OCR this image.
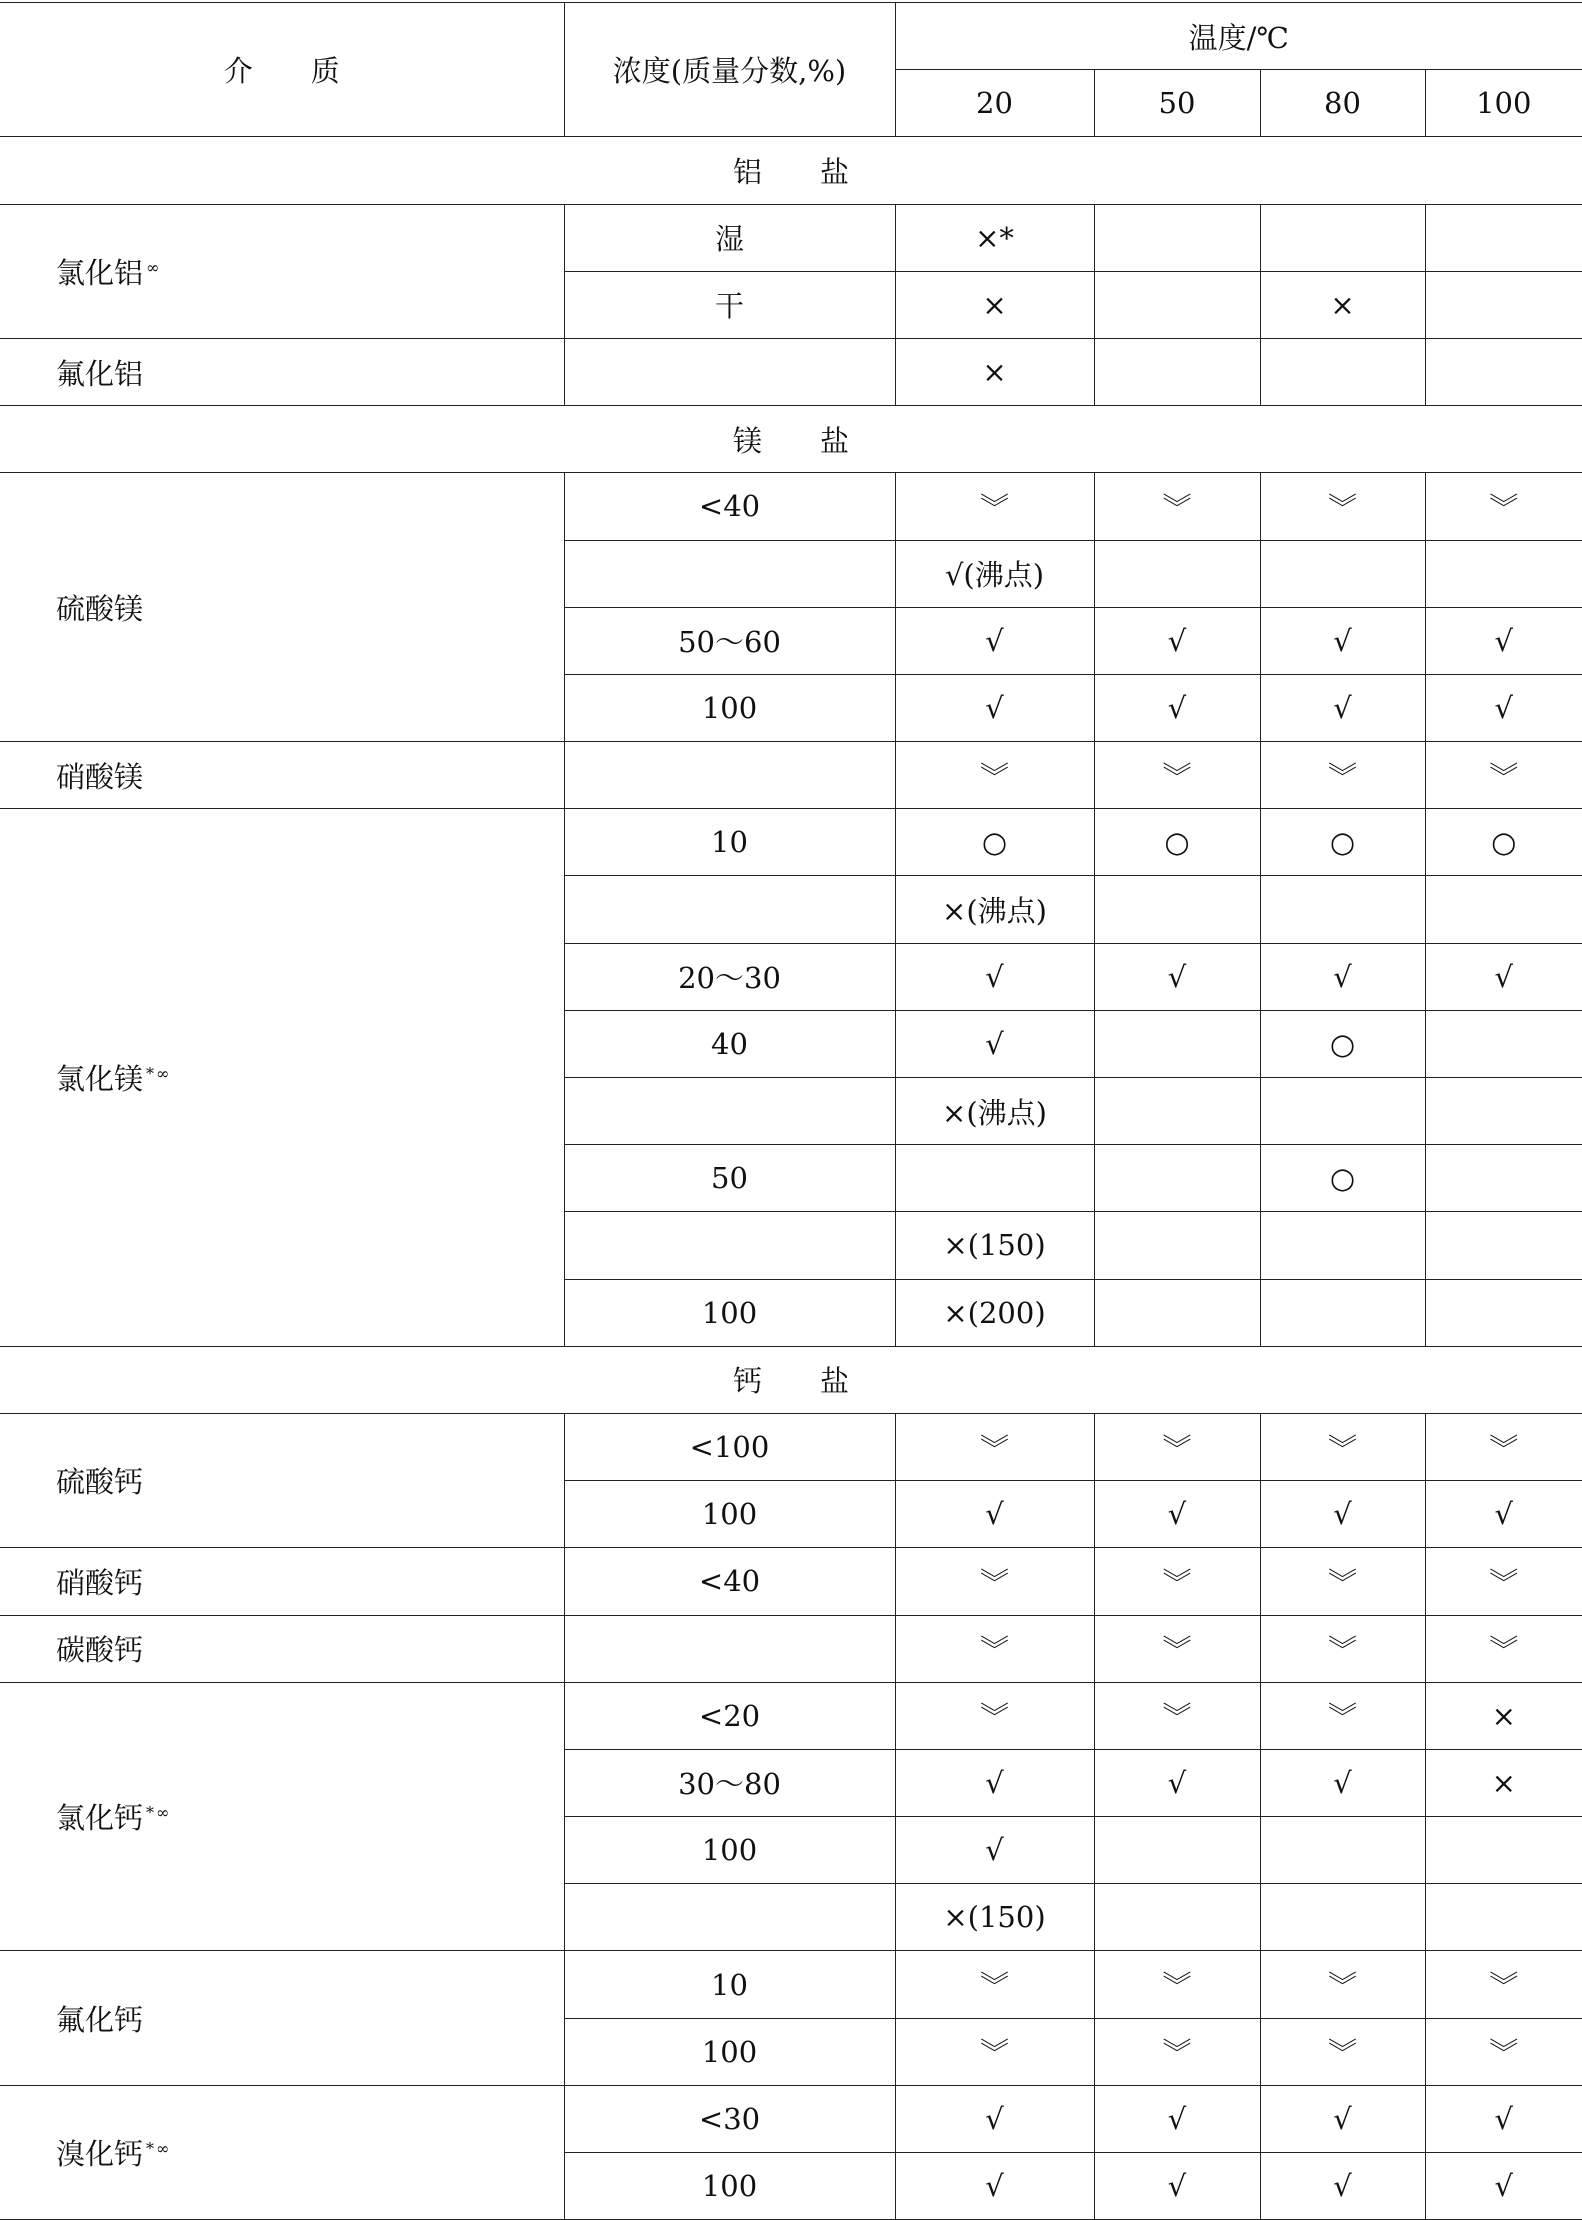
介　　质	浓度(质量分数,%)	温度/℃			
		20	50	80	100
铝　　盐					
氯化铝 ∞	湿	×*			
	干	×		×	
氟化铝		×			
镁　　盐					
硫酸镁	<40	︾	︾	︾	︾
		√(沸点)			
	50～60	√	√	√	√
	100	√	√	√	√
硝酸镁		︾	︾	︾	︾
氯化镁 *∞	10	○	○	○	○
		×(沸点)			
	20～30	√	√	√	√
	40	√		○	
		×(沸点)			
	50			○	
		×(150)			
	100	×(200)			
钙　　盐					
硫酸钙	<100	︾	︾	︾	︾
	100	√	√	√	√
硝酸钙	<40	︾	︾	︾	︾
碳酸钙		︾	︾	︾	︾
氯化钙 *∞	<20	︾	︾	︾	×
	30～80	√	√	√	×
	100	√			
		×(150)			
氟化钙	10	︾	︾	︾	︾
	100	︾	︾	︾	︾
溴化钙 *∞	<30	√	√	√	√
	100	√	√	√	√
